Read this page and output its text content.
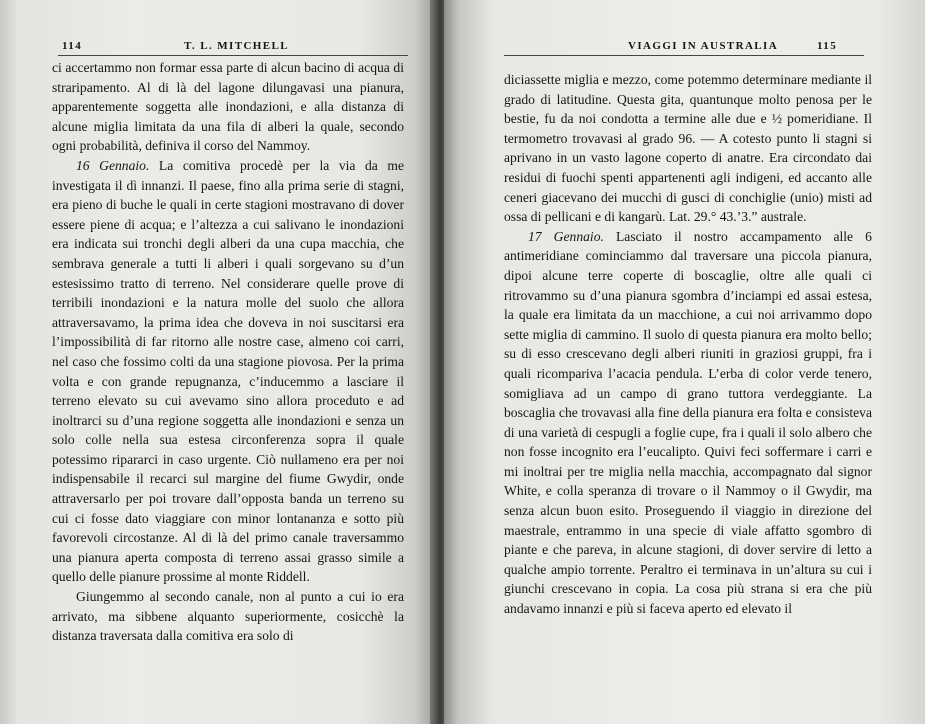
114	T. L. MITCHELL

ci accertammo non formar essa parte di alcun bacino di acqua di straripamento. Al di là del lagone dilungavasi una pianura, apparentemente soggetta alle inondazioni, e alla distanza di alcune miglia limitata da una fila di alberi la quale, secondo ogni probabilità, definiva il corso del Nammoy.

16 Gennaio. La comitiva procedè per la via da me investigata il dì innanzi. Il paese, fino alla prima serie di stagni, era pieno di buche le quali in certe stagioni mostravano di dover essere piene di acqua; e l’altezza a cui salivano le inondazioni era indicata sui tronchi degli alberi da una cupa macchia, che sembrava generale a tutti li alberi i quali sorgevano su d’un estesissimo tratto di terreno. Nel considerare quelle prove di terribili inondazioni e la natura molle del suolo che allora attraversavamo, la prima idea che doveva in noi suscitarsi era l’impossibilità di far ritorno alle nostre case, almeno coi carri, nel caso che fossimo colti da una stagione piovosa. Per la prima volta e con grande repugnanza, c’inducemmo a lasciare il terreno elevato su cui avevamo sino allora proceduto e ad inoltrarci su d’una regione soggetta alle inondazioni e senza un solo colle nella sua estesa circonferenza sopra il quale potessimo ripararci in caso urgente. Ciò nullameno era per noi indispensabile il recarci sul margine del fiume Gwydir, onde attraversarlo per poi trovare dall’opposta banda un terreno su cui ci fosse dato viaggiare con minor lontananza e sotto più favorevoli circostanze. Al di là del primo canale traversammo una pianura aperta composta di terreno assai grasso simile a quello delle pianure prossime al monte Riddell.

Giungemmo al secondo canale, non al punto a cui io era arrivato, ma sibbene alquanto superiormente, cosicchè la distanza traversata dalla comitiva era solo di

VIAGGI IN AUSTRALIA	115

diciassette miglia e mezzo, come potemmo determinare mediante il grado di latitudine. Questa gita, quantunque molto penosa per le bestie, fu da noi condotta a termine alle due e ½ pomeridiane. Il termometro trovavasi al grado 96. — A cotesto punto li stagni si aprivano in un vasto lagone coperto di anatre. Era circondato dai residui di fuochi spenti appartenenti agli indigeni, ed accanto alle ceneri giacevano dei mucchi di gusci di conchiglie (unio) misti ad ossa di pellicani e di kangarù. Lat. 29.° 43.’3.” australe.

17 Gennaio. Lasciato il nostro accampamento alle 6 antimeridiane cominciammo dal traversare una piccola pianura, dipoi alcune terre coperte di boscaglie, oltre alle quali ci ritrovammo su d’una pianura sgombra d’inciampi ed assai estesa, la quale era limitata da un macchione, a cui noi arrivammo dopo sette miglia di cammino. Il suolo di questa pianura era molto bello; su di esso crescevano degli alberi riuniti in graziosi gruppi, fra i quali ricompariva l’acacia pendula. L’erba di color verde tenero, somigliava ad un campo di grano tuttora verdeggiante. La boscaglia che trovavasi alla fine della pianura era folta e consisteva di una varietà di cespugli a foglie cupe, fra i quali il solo albero che non fosse incognito era l’eucalipto. Quivi feci soffermare i carri e mi inoltrai per tre miglia nella macchia, accompagnato dal signor White, e colla speranza di trovare o il Nammoy o il Gwydir, ma senza alcun buon esito. Proseguendo il viaggio in direzione del maestrale, entrammo in una specie di viale affatto sgombro di piante e che pareva, in alcune stagioni, di dover servire di letto a qualche ampio torrente. Peraltro ei terminava in un’altura su cui i giunchi crescevano in copia. La cosa più strana si era che più andavamo innanzi e più si faceva aperto ed elevato il
